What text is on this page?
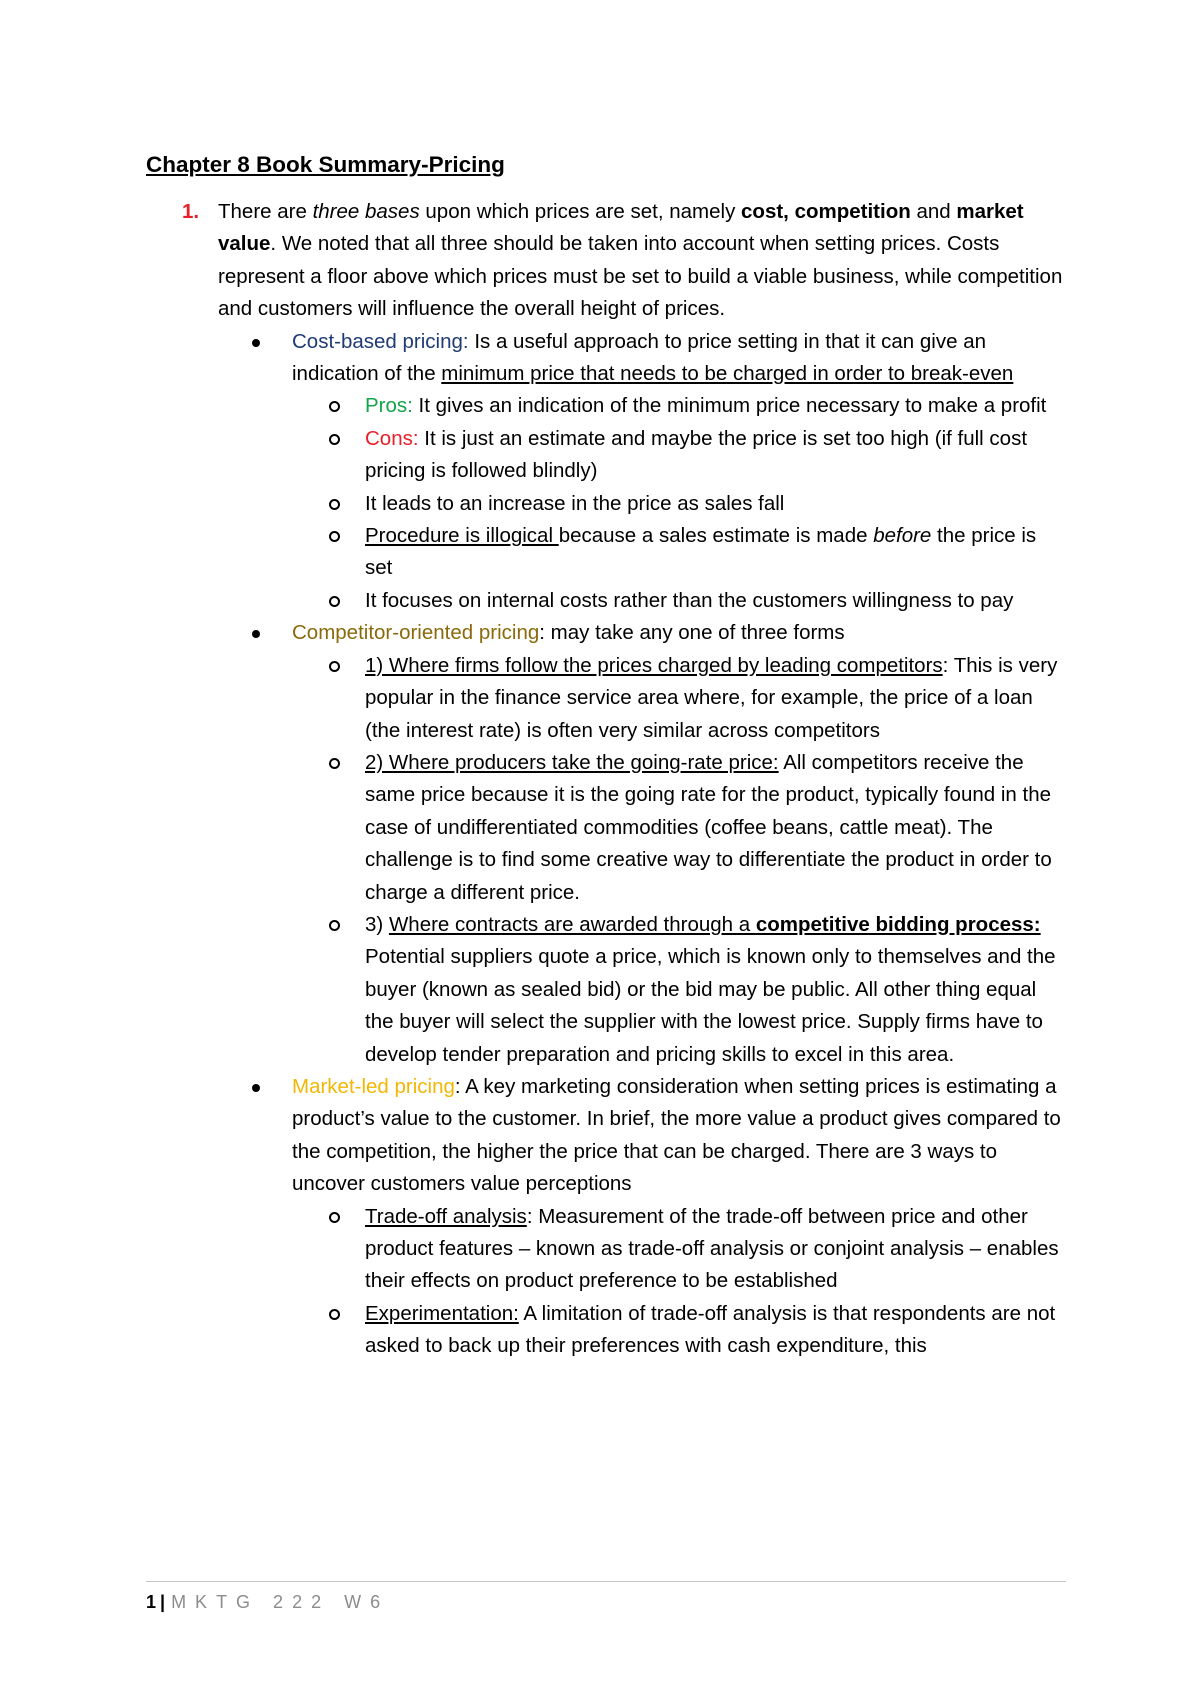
Chapter 8 Book Summary-Pricing
1. There are three bases upon which prices are set, namely cost, competition and market value. We noted that all three should be taken into account when setting prices. Costs represent a floor above which prices must be set to build a viable business, while competition and customers will influence the overall height of prices.
Cost-based pricing: Is a useful approach to price setting in that it can give an indication of the minimum price that needs to be charged in order to break-even
Pros: It gives an indication of the minimum price necessary to make a profit
Cons: It is just an estimate and maybe the price is set too high (if full cost pricing is followed blindly)
It leads to an increase in the price as sales fall
Procedure is illogical because a sales estimate is made before the price is set
It focuses on internal costs rather than the customers willingness to pay
Competitor-oriented pricing: may take any one of three forms
1) Where firms follow the prices charged by leading competitors: This is very popular in the finance service area where, for example, the price of a loan (the interest rate) is often very similar across competitors
2) Where producers take the going-rate price: All competitors receive the same price because it is the going rate for the product, typically found in the case of undifferentiated commodities (coffee beans, cattle meat). The challenge is to find some creative way to differentiate the product in order to charge a different price.
3) Where contracts are awarded through a competitive bidding process: Potential suppliers quote a price, which is known only to themselves and the buyer (known as sealed bid) or the bid may be public. All other thing equal the buyer will select the supplier with the lowest price. Supply firms have to develop tender preparation and pricing skills to excel in this area.
Market-led pricing: A key marketing consideration when setting prices is estimating a product’s value to the customer. In brief, the more value a product gives compared to the competition, the higher the price that can be charged. There are 3 ways to uncover customers value perceptions
Trade-off analysis: Measurement of the trade-off between price and other product features – known as trade-off analysis or conjoint analysis – enables their effects on product preference to be established
Experimentation: A limitation of trade-off analysis is that respondents are not asked to back up their preferences with cash expenditure, this
1 | MKTG 222 W6
